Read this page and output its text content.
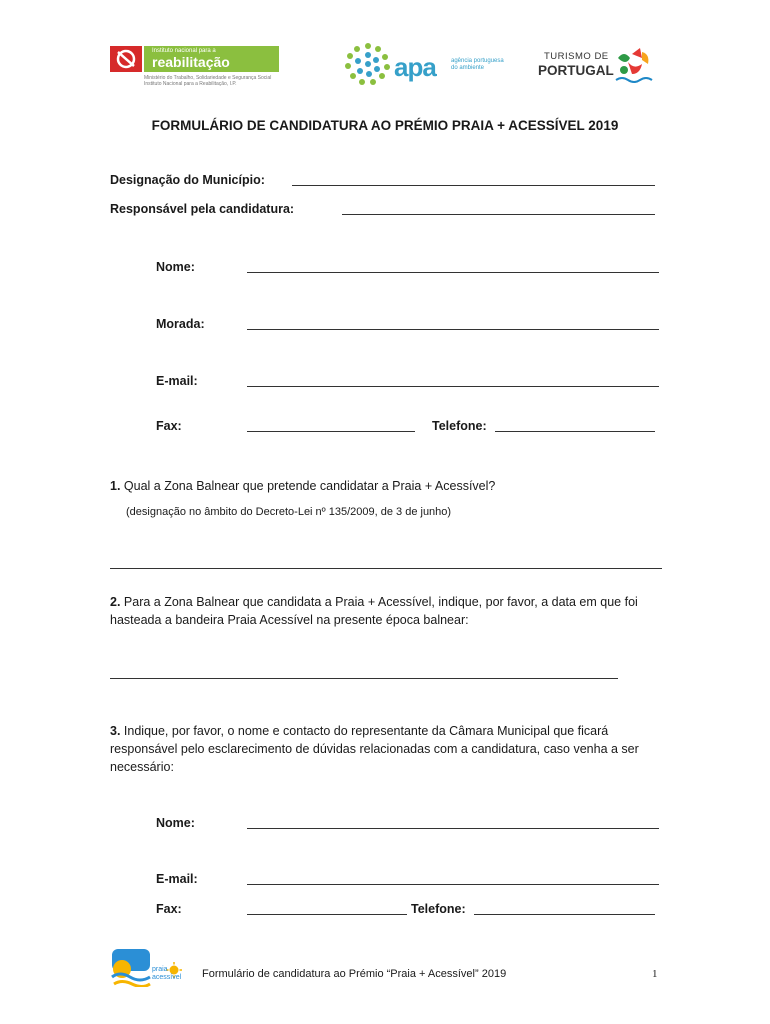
Instituto nacional para a
reabilitação
Ministério do Trabalho, Solidariedade e Segurança Social
Instituto Nacional para a Reabilitação, I.P.
apa	agência portuguesa
do ambiente
TURISMO DE
PORTUGAL
FORMULÁRIO DE CANDIDATURA AO PRÉMIO PRAIA + ACESSÍVEL 2019
Designação do Município:
Responsável pela candidatura:
Nome:
Morada:
E-mail:
Fax:	Telefone:
1. Qual a Zona Balnear que pretende candidatar a Praia + Acessível?
(designação no âmbito do Decreto-Lei nº 135/2009, de 3 de junho)
2. Para a Zona Balnear que candidata a Praia + Acessível, indique, por favor, a data em que foi
hasteada a bandeira Praia Acessível na presente época balnear:
3. Indique, por favor, o nome e contacto do representante da Câmara Municipal que ficará
responsável pelo esclarecimento de dúvidas relacionadas com a candidatura, caso venha a ser
necessário:
Nome:
E-mail:
Fax:	Telefone:
praia
acessível Formulário de candidatura ao Prémio “Praia + Acessível” 2019	1
